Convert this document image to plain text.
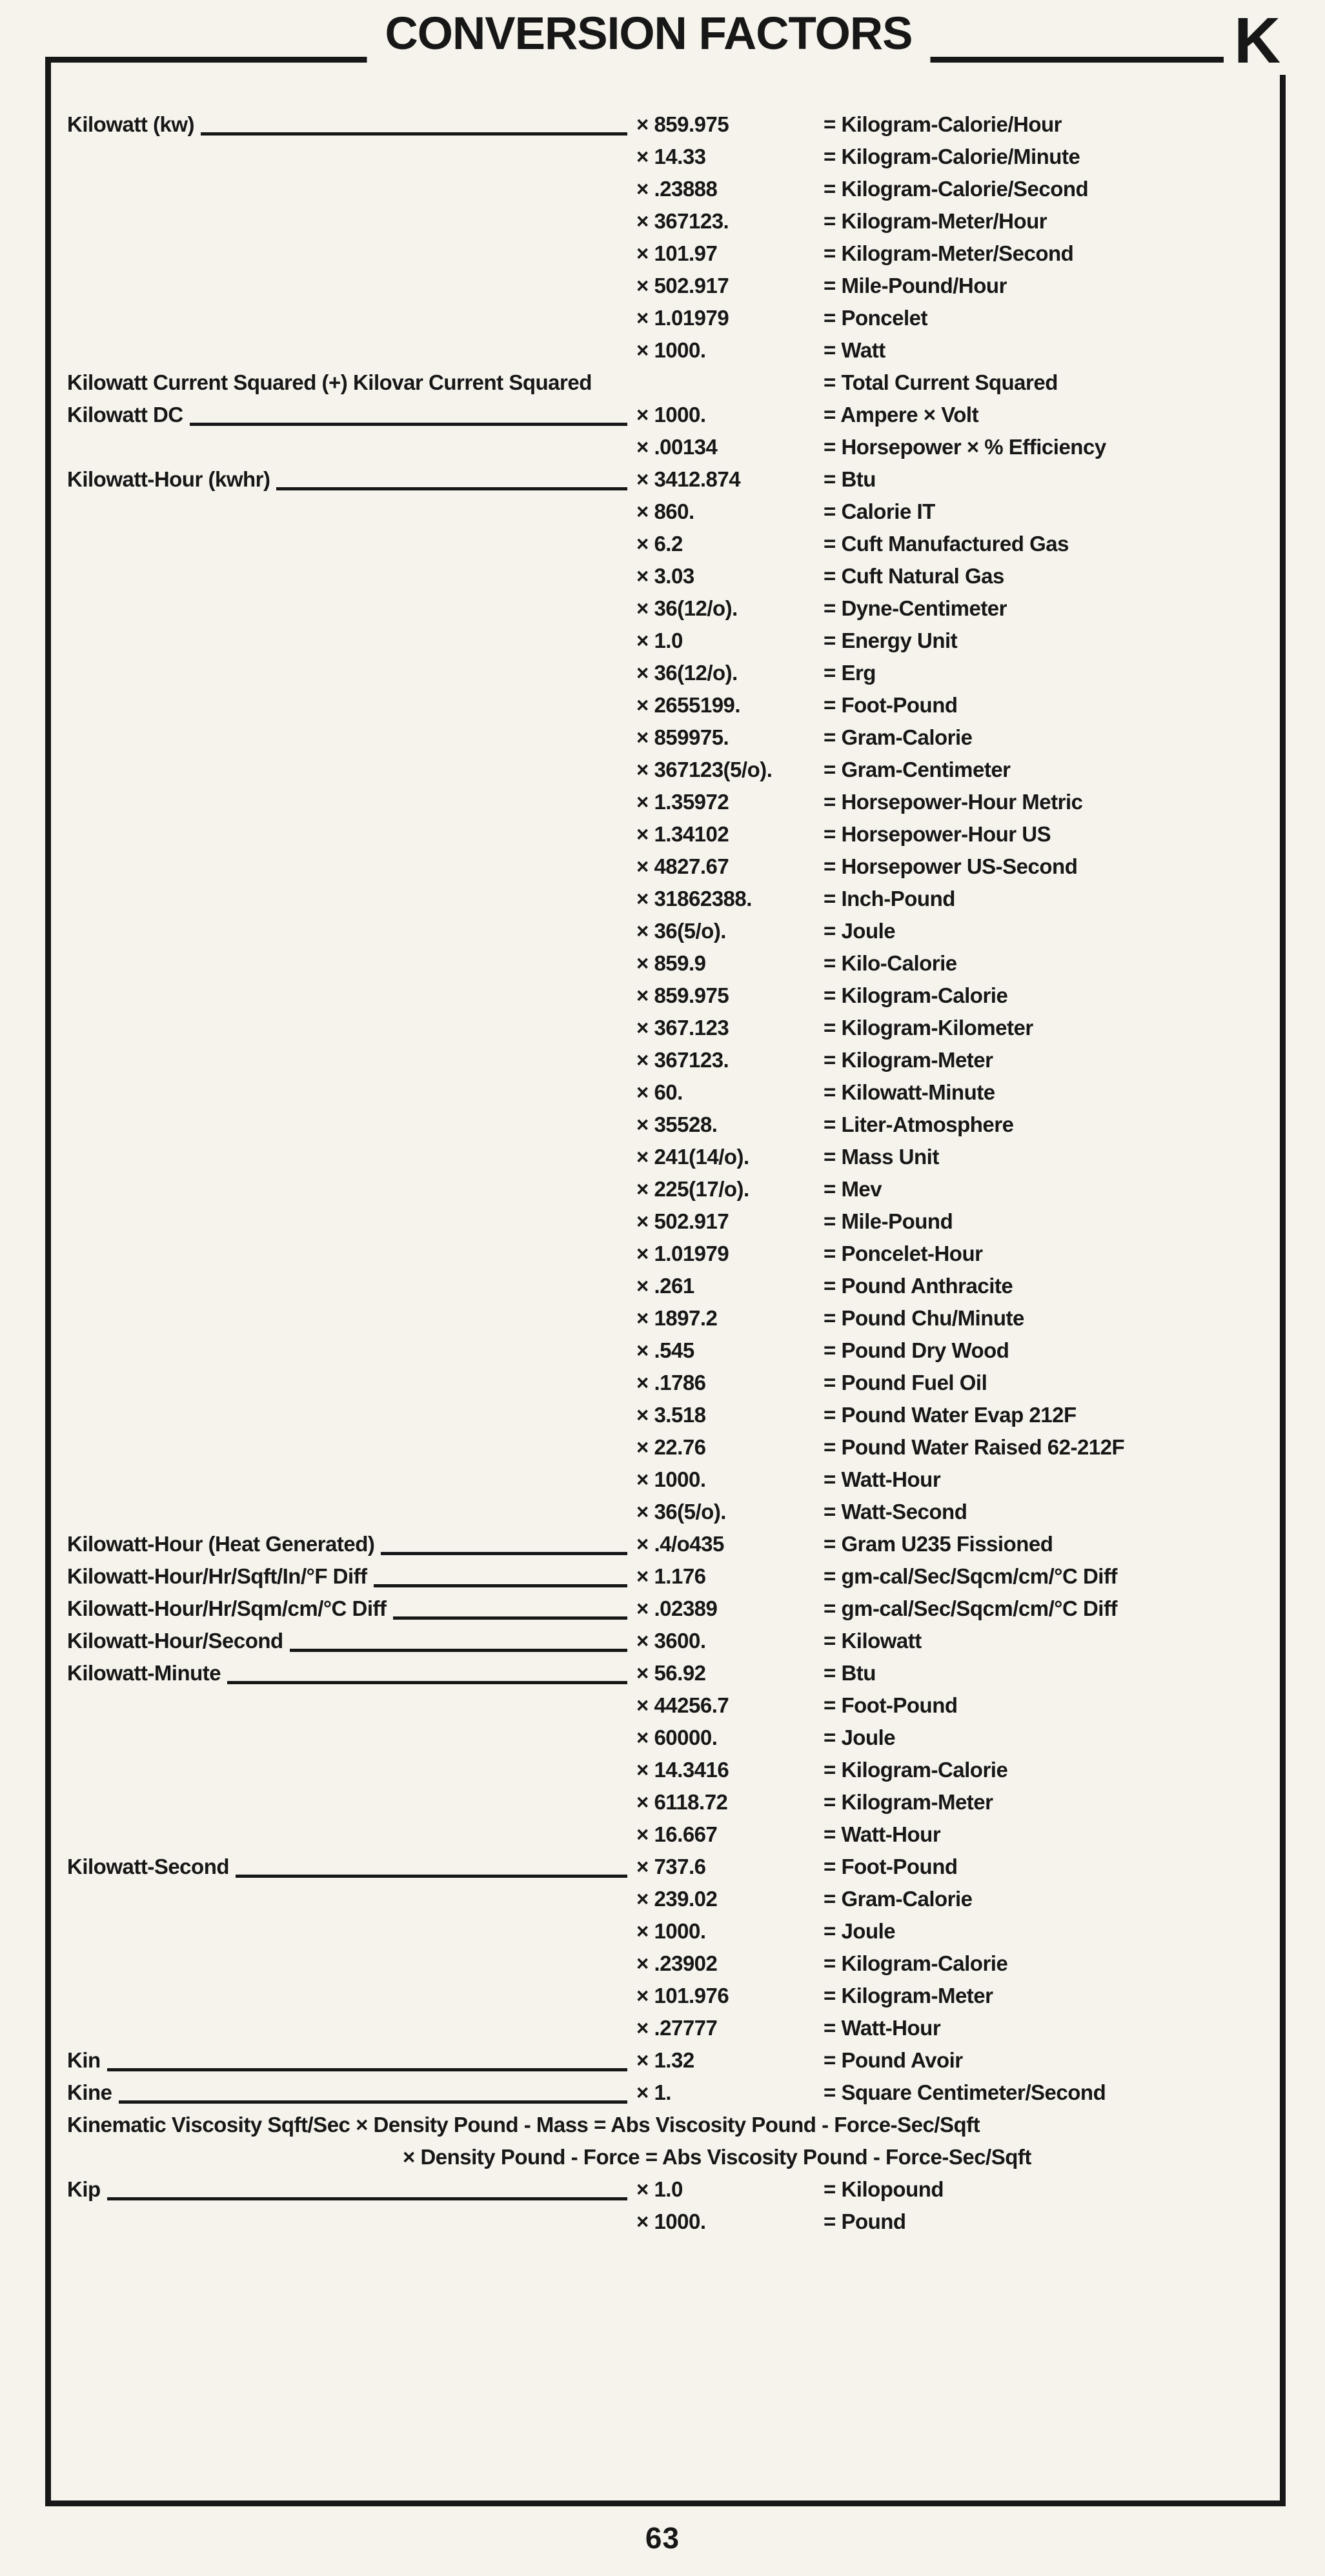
CONVERSION FACTORS	K
Kilowatt (kw)	× 859.975	= Kilogram-Calorie/Hour
× 14.33	= Kilogram-Calorie/Minute
× .23888	= Kilogram-Calorie/Second
× 367123.	= Kilogram-Meter/Hour
× 101.97	= Kilogram-Meter/Second
× 502.917	= Mile-Pound/Hour
× 1.01979	= Poncelet
× 1000.	= Watt
Kilowatt Current Squared (+) Kilovar Current Squared	= Total Current Squared
Kilowatt DC	× 1000.	= Ampere × Volt
× .00134	= Horsepower × % Efficiency
Kilowatt-Hour (kwhr)	× 3412.874	= Btu
× 860.	= Calorie IT
× 6.2	= Cuft Manufactured Gas
× 3.03	= Cuft Natural Gas
× 36(12/o).	= Dyne-Centimeter
× 1.0	= Energy Unit
× 36(12/o).	= Erg
× 2655199.	= Foot-Pound
× 859975.	= Gram-Calorie
× 367123(5/o).	= Gram-Centimeter
× 1.35972	= Horsepower-Hour Metric
× 1.34102	= Horsepower-Hour US
× 4827.67	= Horsepower US-Second
× 31862388.	= Inch-Pound
× 36(5/o).	= Joule
× 859.9	= Kilo-Calorie
× 859.975	= Kilogram-Calorie
× 367.123	= Kilogram-Kilometer
× 367123.	= Kilogram-Meter
× 60.	= Kilowatt-Minute
× 35528.	= Liter-Atmosphere
× 241(14/o).	= Mass Unit
× 225(17/o).	= Mev
× 502.917	= Mile-Pound
× 1.01979	= Poncelet-Hour
× .261	= Pound Anthracite
× 1897.2	= Pound Chu/Minute
× .545	= Pound Dry Wood
× .1786	= Pound Fuel Oil
× 3.518	= Pound Water Evap 212F
× 22.76	= Pound Water Raised 62-212F
× 1000.	= Watt-Hour
× 36(5/o).	= Watt-Second
Kilowatt-Hour (Heat Generated)	× .4/o435	= Gram U235 Fissioned
Kilowatt-Hour/Hr/Sqft/In/°F Diff	× 1.176	= gm-cal/Sec/Sqcm/cm/°C Diff
Kilowatt-Hour/Hr/Sqm/cm/°C Diff	× .02389	= gm-cal/Sec/Sqcm/cm/°C Diff
Kilowatt-Hour/Second	× 3600.	= Kilowatt
Kilowatt-Minute	× 56.92	= Btu
× 44256.7	= Foot-Pound
× 60000.	= Joule
× 14.3416	= Kilogram-Calorie
× 6118.72	= Kilogram-Meter
× 16.667	= Watt-Hour
Kilowatt-Second	× 737.6	= Foot-Pound
× 239.02	= Gram-Calorie
× 1000.	= Joule
× .23902	= Kilogram-Calorie
× 101.976	= Kilogram-Meter
× .27777	= Watt-Hour
Kin	× 1.32	= Pound Avoir
Kine	× 1.	= Square Centimeter/Second
Kinematic Viscosity Sqft/Sec × Density Pound - Mass = Abs Viscosity Pound - Force-Sec/Sqft
× Density Pound - Force = Abs Viscosity Pound - Force-Sec/Sqft
Kip	× 1.0	= Kilopound
× 1000.	= Pound
63
